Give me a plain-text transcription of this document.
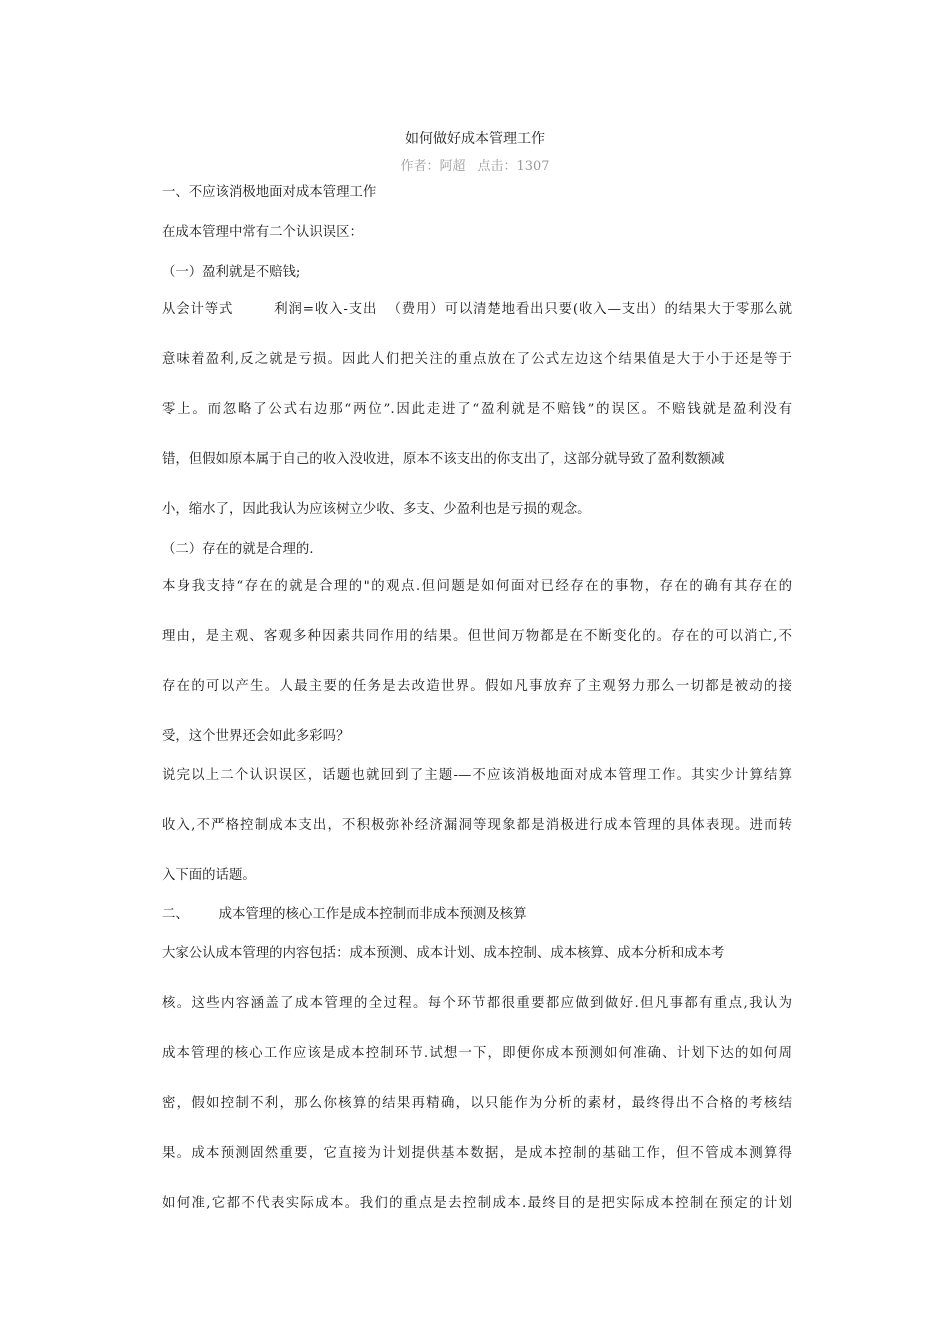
如何做好成本管理工作
作者：阿超 点击：1307
一、不应该消极地面对成本管理工作
在成本管理中常有二个认识误区：
（一）盈利就是不赔钱;
从会计等式        利润=收入-支出  （费用）可以清楚地看出只要(收入—支出）的结果大于零那么就
意味着盈利,反之就是亏损。因此人们把关注的重点放在了公式左边这个结果值是大于小于还是等于
零上。而忽略了公式右边那“两位”.因此走进了“盈利就是不赔钱”的误区。不赔钱就是盈利没有
错，但假如原本属于自己的收入没收进，原本不该支出的你支出了，这部分就导致了盈利数额减
小，缩水了，因此我认为应该树立少收、多支、少盈利也是亏损的观念。
（二）存在的就是合理的.
本身我支持“存在的就是合理的"的观点.但问题是如何面对已经存在的事物，存在的确有其存在的
理由，是主观、客观多种因素共同作用的结果。但世间万物都是在不断变化的。存在的可以消亡,不
存在的可以产生。人最主要的任务是去改造世界。假如凡事放弃了主观努力那么一切都是被动的接
受，这个世界还会如此多彩吗？
说完以上二个认识误区，话题也就回到了主题-—不应该消极地面对成本管理工作。其实少计算结算
收入,不严格控制成本支出，不积极弥补经济漏洞等现象都是消极进行成本管理的具体表现。进而转
入下面的话题。
二、       成本管理的核心工作是成本控制而非成本预测及核算
大家公认成本管理的内容包括：成本预测、成本计划、成本控制、成本核算、成本分析和成本考
核。这些内容涵盖了成本管理的全过程。每个环节都很重要都应做到做好.但凡事都有重点,我认为
成本管理的核心工作应该是成本控制环节.试想一下，即便你成本预测如何准确、计划下达的如何周
密，假如控制不利，那么你核算的结果再精确，以只能作为分析的素材，最终得出不合格的考核结
果。成本预测固然重要，它直接为计划提供基本数据，是成本控制的基础工作，但不管成本测算得
如何准,它都不代表实际成本。我们的重点是去控制成本.最终目的是把实际成本控制在预定的计划
